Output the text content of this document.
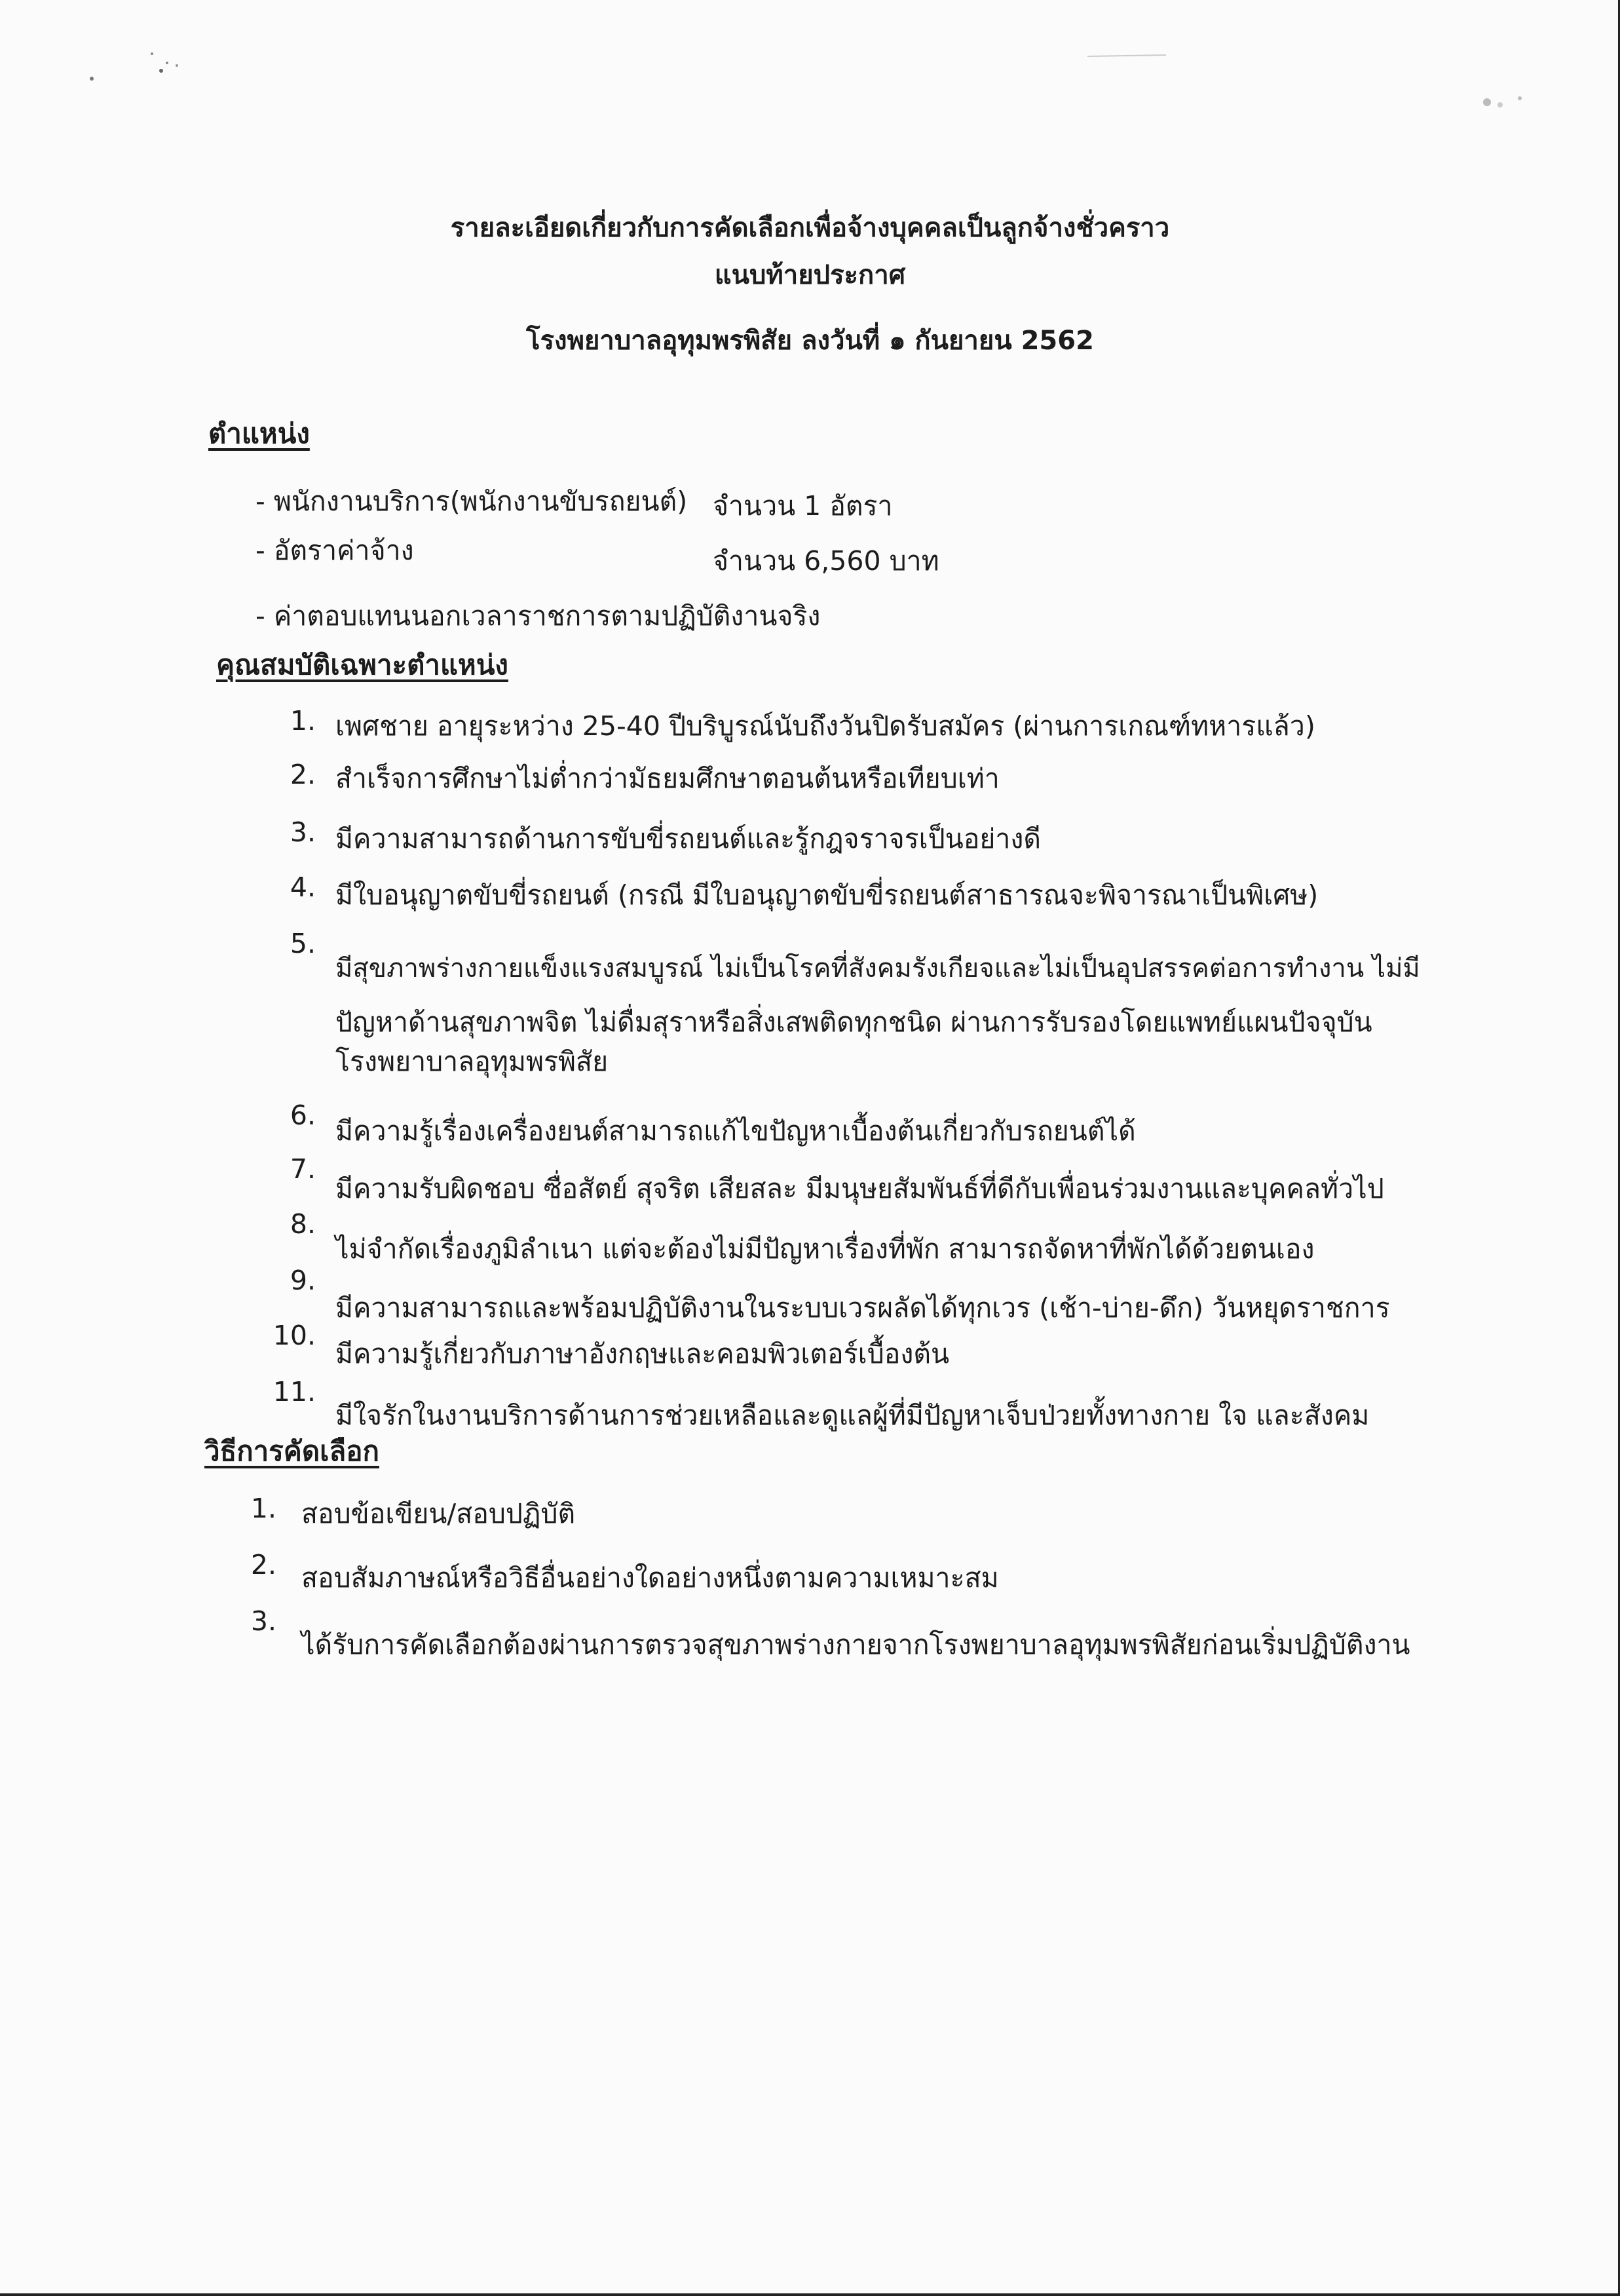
รายละเอียดเกี่ยวกับการคัดเลือกเพื่อจ้างบุคคลเป็นลูกจ้างชั่วคราว
แนบท้ายประกาศ
โรงพยาบาลอุทุมพรพิสัย ลงวันที่ ๑ กันยายน 2562
ตำแหน่ง
- พนักงานบริการ(พนักงานขับรถยนต์) จำนวน 1 อัตรา
- อัตราค่าจ้าง	จำนวน 6,560 บาท
- ค่าตอบแทนนอกเวลาราชการตามปฏิบัติงานจริง
คุณสมบัติเฉพาะตำแหน่ง
1. เพศชาย อายุระหว่าง 25-40 ปีบริบูรณ์นับถึงวันปิดรับสมัคร (ผ่านการเกณฑ์ทหารแล้ว)
2. สำเร็จการศึกษาไม่ต่ำกว่ามัธยมศึกษาตอนต้นหรือเทียบเท่า
3. มีความสามารถด้านการขับขี่รถยนต์และรู้กฎจราจรเป็นอย่างดี
4. มีใบอนุญาตขับขี่รถยนต์ (กรณี มีใบอนุญาตขับขี่รถยนต์สาธารณจะพิจารณาเป็นพิเศษ)
5.
มีสุขภาพร่างกายแข็งแรงสมบูรณ์ ไม่เป็นโรคที่สังคมรังเกียจและไม่เป็นอุปสรรคต่อการทำงาน ไม่มี
ปัญหาด้านสุขภาพจิต ไม่ดื่มสุราหรือสิ่งเสพติดทุกชนิด ผ่านการรับรองโดยแพทย์แผนปัจจุบัน
โรงพยาบาลอุทุมพรพิสัย
6. มีความรู้เรื่องเครื่องยนต์สามารถแก้ไขปัญหาเบื้องต้นเกี่ยวกับรถยนต์ได้
7.
มีความรับผิดชอบ ซื่อสัตย์ สุจริต เสียสละ มีมนุษยสัมพันธ์ที่ดีกับเพื่อนร่วมงานและบุคคลทั่วไป
8.
ไม่จำกัดเรื่องภูมิลำเนา แต่จะต้องไม่มีปัญหาเรื่องที่พัก สามารถจัดหาที่พักได้ด้วยตนเอง
9.
มีความสามารถและพร้อมปฏิบัติงานในระบบเวรผลัดได้ทุกเวร (เช้า-บ่าย-ดึก) วันหยุดราชการ
10.
มีความรู้เกี่ยวกับภาษาอังกฤษและคอมพิวเตอร์เบื้องต้น
11.
มีใจรักในงานบริการด้านการช่วยเหลือและดูแลผู้ที่มีปัญหาเจ็บป่วยทั้งทางกาย ใจ และสังคม
วิธีการคัดเลือก
1. สอบข้อเขียน/สอบปฏิบัติ
2. สอบสัมภาษณ์หรือวิธีอื่นอย่างใดอย่างหนึ่งตามความเหมาะสม
3.
ได้รับการคัดเลือกต้องผ่านการตรวจสุขภาพร่างกายจากโรงพยาบาลอุทุมพรพิสัยก่อนเริ่มปฏิบัติงาน
